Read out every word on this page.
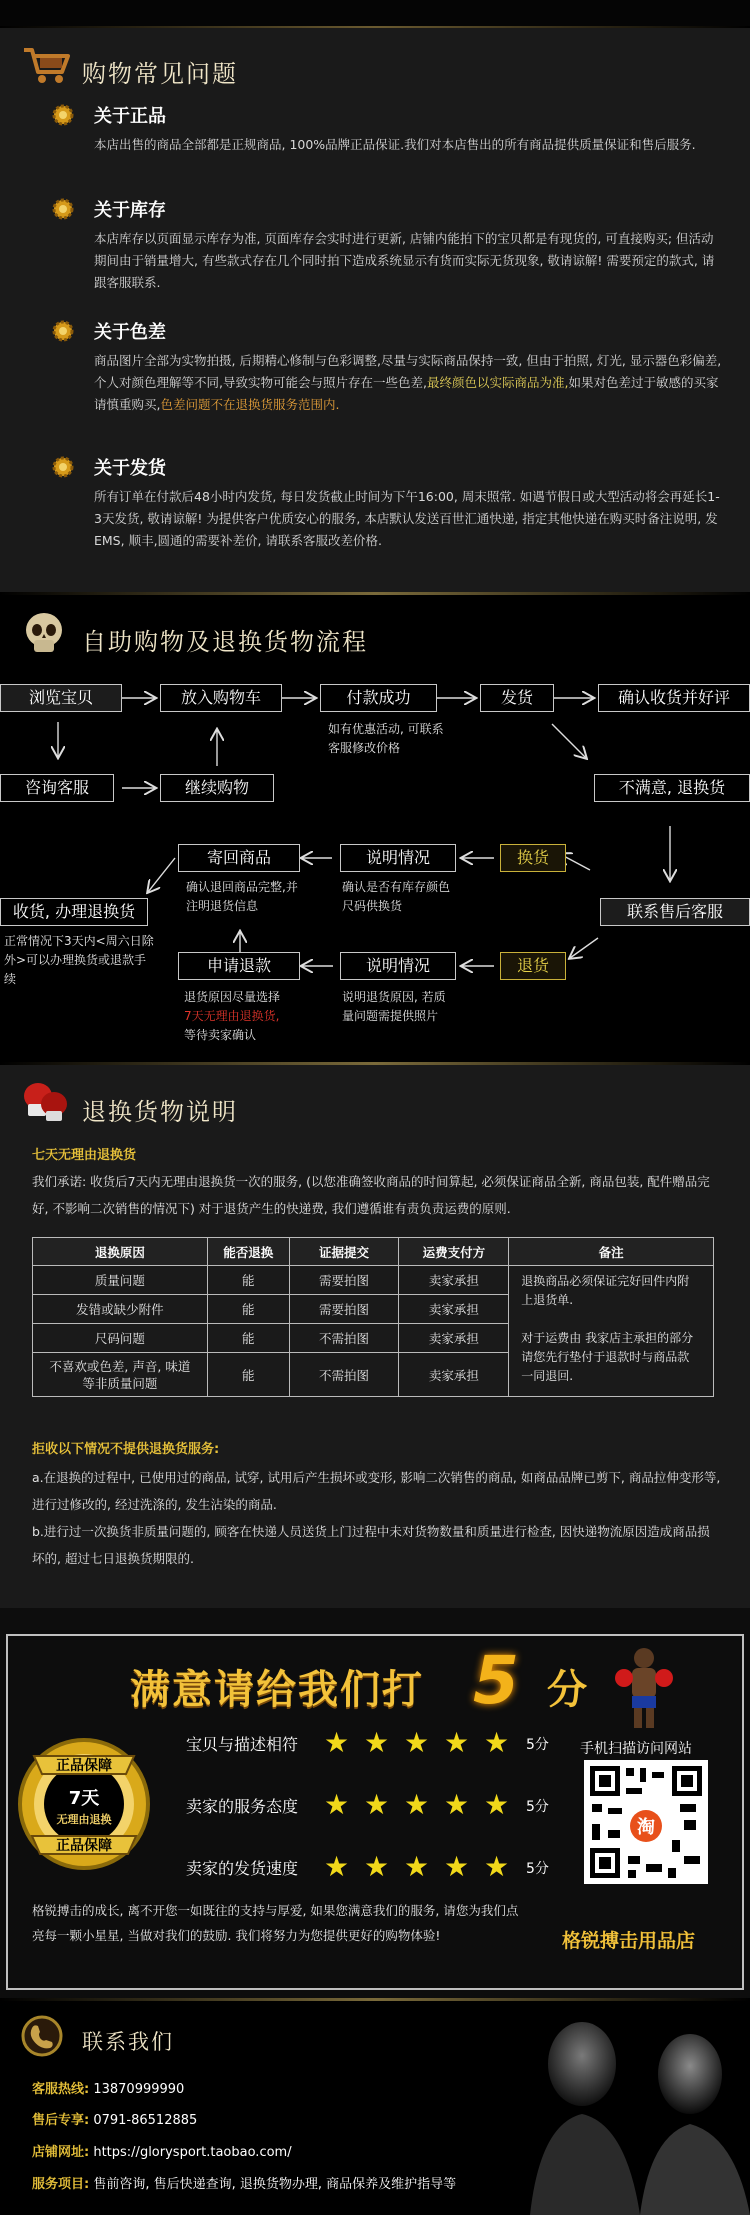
购物常见问题
关于正品

本店出售的商品全部都是正规商品, 100%品牌正品保证.我们对本店售出的所有商品提供质量保证和售后服务.

关于库存

本店库存以页面显示库存为准, 页面库存会实时进行更新, 店铺内能拍下的宝贝都是有现货的, 可直接购买; 但活动期间由于销量增大, 有些款式存在几个同时拍下造成系统显示有货而实际无货现象, 敬请谅解! 需要预定的款式, 请跟客服联系.

关于色差

商品图片全部为实物拍摄, 后期精心修制与色彩调整,尽量与实际商品保持一致, 但由于拍照, 灯光, 显示器色彩偏差, 个人对颜色理解等不同,导致实物可能会与照片存在一些色差,最终颜色以实际商品为准,如果对色差过于敏感的买家请慎重购买,色差问题不在退换货服务范围内.

关于发货

所有订单在付款后48小时内发货, 每日发货截止时间为下午16:00, 周末照常. 如遇节假日或大型活动将会再延长1-3天发货, 敬请谅解! 为提供客户优质安心的服务, 本店默认发送百世汇通快递, 指定其他快递在购买时备注说明, 发EMS, 顺丰,圆通的需要补差价, 请联系客服改差价格.

自助购物及退换货物流程
浏览宝贝	放入购物车	付款成功	发货	确认收货并好评
咨询客服	继续购物	不满意, 退换货
如有优惠活动, 可联系客服修改价格
寄回商品	说明情况	换货
联系售后客服
收货, 办理退换货
确认退回商品完整,并注明退货信息
确认是否有库存颜色尺码供换货
正常情况下3天内<周六日除外>可以办理换货或退款手续
申请退款	说明情况	退货
退货原因尽量选择
7天无理由退换货,
等待卖家确认
说明退货原因, 若质量问题需提供照片
退换货物说明
七天无理由退换货
我们承诺: 收货后7天内无理由退换货一次的服务, (以您准确签收商品的时间算起, 必须保证商品全新, 商品包装, 配件赠品完好, 不影响二次销售的情况下) 对于退货产生的快递费, 我们遵循谁有责负责运费的原则.
退换原因	能否退换	证据提交	运费支付方	备注
质量问题	能	需要拍图	卖家承担	退换商品必须保证完好回件内附上退货单.

对于运费由 我家店主承担的部分请您先行垫付于退款时与商品款一同退回.
发错或缺少附件	能	需要拍图	卖家承担	
尺码问题	能	不需拍图	卖家承担	
不喜欢或色差, 声音, 味道等非质量问题	能	不需拍图	卖家承担	
拒收以下情况不提供退换货服务:
a.在退换的过程中, 已使用过的商品, 试穿, 试用后产生损坏或变形, 影响二次销售的商品, 如商品品牌已剪下, 商品拉伸变形等, 进行过修改的, 经过洗涤的, 发生沾染的商品.
b.进行过一次换货非质量问题的, 顾客在快递人员送货上门过程中未对货物数量和质量进行检查, 因快递物流原因造成商品损坏的, 超过七日退换货期限的.
满意请给我们打 5 分
正品保障
7天
无理由退换
正品保障
宝贝与描述相符 ★ ★ ★ ★ ★	5分
卖家的服务态度 ★ ★ ★ ★ ★	5分
卖家的发货速度 ★ ★ ★ ★ ★	5分
手机扫描访问网站
淘
格锐搏击的成长, 离不开您一如既往的支持与厚爱, 如果您满意我们的服务, 请您为我们点亮每一颗小星星, 当做对我们的鼓励. 我们将努力为您提供更好的购物体验!	格锐搏击用品店
联系我们
客服热线: 13870999990
售后专享: 0791-86512885
店铺网址: https://glorysport.taobao.com/
服务项目: 售前咨询, 售后快递查询, 退换货物办理, 商品保养及维护指导等
